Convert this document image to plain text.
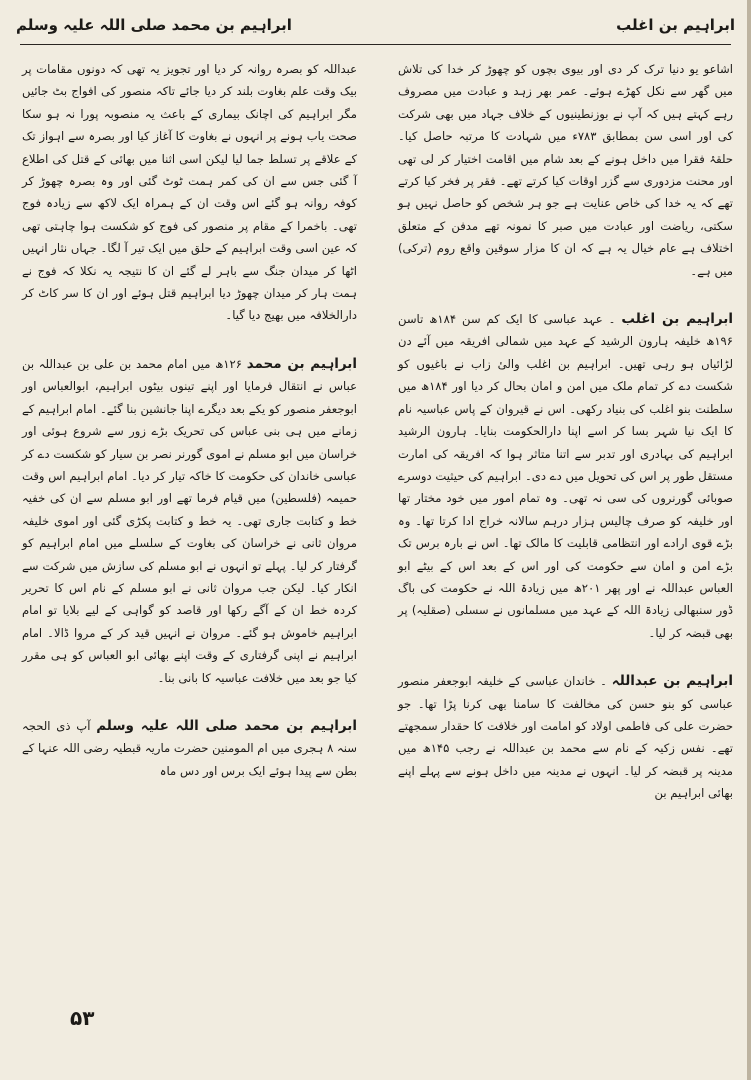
ابراہیم بن اغلب
ابراہیم بن محمد صلی اللہ علیہ وسلم

اشاعو یو دنیا ترک کر دی اور بیوی بچوں کو چھوڑ کر خدا کی تلاش میں گھر سے نکل کھڑے ہوئے۔ عمر بھر زہد و عبادت میں مصروف رہے کہتے ہیں کہ آپ نے بوزنطینیوں کے خلاف جہاد میں بھی شرکت کی اور اسی سن بمطابق ۷۸۳ء میں شہادت کا مرتبہ حاصل کیا۔ حلقۂ فقرا میں داخل ہونے کے بعد شام میں اقامت اختیار کر لی تھی اور محنت مزدوری سے گزر اوقات کیا کرتے تھے۔ فقر پر فخر کیا کرتے تھے کہ یہ خدا کی خاص عنایت ہے جو ہر شخص کو حاصل نہیں ہو سکتی، ریاضت اور عبادت میں صبر کا نمونہ تھے مدفن کے متعلق اختلاف ہے عام خیال یہ ہے کہ ان کا مزار سوقین واقع روم (ترکی) میں ہے۔

ابراہیم بن اغلب ۔ عہد عباسی کا ایک کم سن ۱۸۴ھ تاسن ۱۹۶ھ خلیفہ ہارون الرشید کے عہد میں شمالی افریقہ میں آئے دن لڑائیاں ہو رہی تھیں۔ ابراہیم بن اغلب والیٔ زاب نے باغیوں کو شکست دے کر تمام ملک میں امن و امان بحال کر دیا اور ۱۸۴ھ میں سلطنت بنو اغلب کی بنیاد رکھی۔ اس نے قیروان کے پاس عباسیہ نام کا ایک نیا شہر بسا کر اسے اپنا دارالحکومت بنایا۔ ہارون الرشید ابراہیم کی بہادری اور تدبر سے اتنا متاثر ہوا کہ افریقہ کی امارت مستقل طور پر اس کی تحویل میں دے دی۔ ابراہیم کی حیثیت دوسرے صوبائی گورنروں کی سی نہ تھی۔ وہ تمام امور میں خود مختار تھا اور خلیفہ کو صرف چالیس ہزار درہم سالانہ خراج ادا کرتا تھا۔ وہ بڑے قوی ارادے اور انتظامی قابلیت کا مالک تھا۔ اس نے بارہ برس تک بڑے امن و امان سے حکومت کی اور اس کے بعد اس کے بیٹے ابو العباس عبداللہ نے اور پھر ۲۰۱ھ میں زیادۃ اللہ نے حکومت کی باگ ڈور سنبھالی زیادۃ اللہ کے عہد میں مسلمانوں نے سسلی (صقلیہ) پر بھی قبضہ کر لیا۔

ابراہیم بن عبداللہ ۔ خاندان عباسی کے خلیفہ ابوجعفر منصور عباسی کو بنو حسن کی مخالفت کا سامنا بھی کرنا پڑا تھا۔ جو حضرت علی کی فاطمی اولاد کو امامت اور خلافت کا حقدار سمجھتے تھے۔ نفس زکیہ کے نام سے محمد بن عبداللہ نے رجب ۱۴۵ھ میں مدینہ پر قبضہ کر لیا۔ انہوں نے مدینہ میں داخل ہونے سے پہلے اپنے بھائی ابراہیم بن

عبداللہ کو بصرہ روانہ کر دیا اور تجویز یہ تھی کہ دونوں مقامات پر بیک وقت علم بغاوت بلند کر دیا جائے تاکہ منصور کی افواج بٹ جائیں مگر ابراہیم کی اچانک بیماری کے باعث یہ منصوبہ پورا نہ ہو سکا صحت یاب ہونے پر انہوں نے بغاوت کا آغاز کیا اور بصرہ سے اہواز تک کے علاقے پر تسلط جما لیا لیکن اسی اثنا میں بھائی کے قتل کی اطلاع آ گئی جس سے ان کی کمر ہمت ٹوٹ گئی اور وہ بصرہ چھوڑ کر کوفہ روانہ ہو گئے اس وقت ان کے ہمراہ ایک لاکھ سے زیادہ فوج تھی۔ باخمرا کے مقام پر منصور کی فوج کو شکست ہوا چاہتی تھی کہ عین اسی وقت ابراہیم کے حلق میں ایک تیر آ لگا۔ جہاں نثار انہیں اٹھا کر میدان جنگ سے باہر لے گئے ان کا نتیجہ یہ نکلا کہ فوج نے ہمت ہار کر میدان چھوڑ دیا ابراہیم قتل ہوئے اور ان کا سر کاٹ کر دارالخلافہ میں بھیج دیا گیا۔

ابراہیم بن محمد ۱۲۶ھ میں امام محمد بن علی بن عبداللہ بن عباس نے انتقال فرمایا اور اپنے تینوں بیٹوں ابراہیم، ابوالعباس اور ابوجعفر منصور کو یکے بعد دیگرے اپنا جانشین بنا گئے۔ امام ابراہیم کے زمانے میں ہی بنی عباس کی تحریک بڑے زور سے شروع ہوئی اور خراسان میں ابو مسلم نے اموی گورنر نصر بن سیار کو شکست دے کر عباسی خاندان کی حکومت کا خاکہ تیار کر دیا۔ امام ابراہیم اس وقت حمیمہ (فلسطین) میں قیام فرما تھے اور ابو مسلم سے ان کی خفیہ خط و کتابت جاری تھی۔ یہ خط و کتابت پکڑی گئی اور اموی خلیفہ مروان ثانی نے خراسان کی بغاوت کے سلسلے میں امام ابراہیم کو گرفتار کر لیا۔ پہلے تو انہوں نے ابو مسلم کی سازش میں شرکت سے انکار کیا۔ لیکن جب مروان ثانی نے ابو مسلم کے نام اس کا تحریر کردہ خط ان کے آگے رکھا اور قاصد کو گواہی کے لیے بلایا تو امام ابراہیم خاموش ہو گئے۔ مروان نے انہیں قید کر کے مروا ڈالا۔ امام ابراہیم نے اپنی گرفتاری کے وقت اپنے بھائی ابو العباس کو ہی مقرر کیا جو بعد میں خلافت عباسیہ کا بانی بنا۔

ابراہیم بن محمد صلی اللہ علیہ وسلم آپ ذی الحجہ سنہ ۸ ہجری میں ام المومنین حضرت ماریہ قبطیہ رضی اللہ عنہا کے بطن سے پیدا ہوئے ایک برس اور دس ماہ

۵۳
